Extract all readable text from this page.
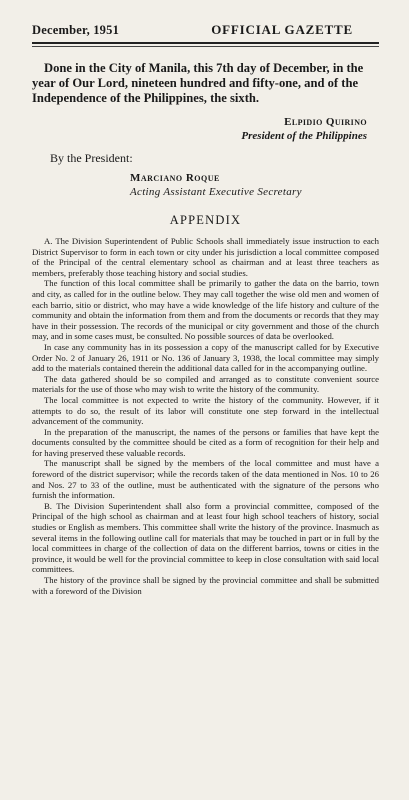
December, 1951	OFFICIAL GAZETTE

Done in the City of Manila, this 7th day of December, in the year of Our Lord, nineteen hundred and fifty-one, and of the Independence of the Philippines, the sixth.

Elpidio Quirino
President of the Philippines
By the President:
Marciano Roque
Acting Assistant Executive Secretary
APPENDIX

A. The Division Superintendent of Public Schools shall immediately issue instruction to each District Supervisor to form in each town or city under his jurisdiction a local committee composed of the Principal of the central elementary school as chairman and at least three teachers as members, preferably those teaching history and social studies.

The function of this local committee shall be primarily to gather the data on the barrio, town and city, as called for in the outline below. They may call together the wise old men and women of each barrio, sitio or district, who may have a wide knowledge of the life history and culture of the community and obtain the information from them and from the documents or records that they may have in their possession. The records of the municipal or city government and those of the church may, and in some cases must, be consulted. No possible sources of data be overlooked.

In case any community has in its possession a copy of the manuscript called for by Executive Order No. 2 of January 26, 1911 or No. 136 of January 3, 1938, the local committee may simply add to the materials contained therein the additional data called for in the accompanying outline.

The data gathered should be so compiled and arranged as to constitute convenient source materials for the use of those who may wish to write the history of the community.

The local committee is not expected to write the history of the community. However, if it attempts to do so, the result of its labor will constitute one step forward in the intellectual advancement of the community.

In the preparation of the manuscript, the names of the persons or families that have kept the documents consulted by the committee should be cited as a form of recognition for their help and for having preserved these valuable records.

The manuscript shall be signed by the members of the local committee and must have a foreword of the district supervisor; while the records taken of the data mentioned in Nos. 10 to 26 and Nos. 27 to 33 of the outline, must be authenticated with the signature of the persons who furnish the information.

B. The Division Superintendent shall also form a provincial committee, composed of the Principal of the high school as chairman and at least four high school teachers of history, social studies or English as members. This committee shall write the history of the province. Inasmuch as several items in the following outline call for materials that may be touched in part or in full by the local committees in charge of the collection of data on the different barrios, towns or cities in the province, it would be well for the provincial committee to keep in close consultation with said local committees.

The history of the province shall be signed by the provincial committee and shall be submitted with a foreword of the Division
